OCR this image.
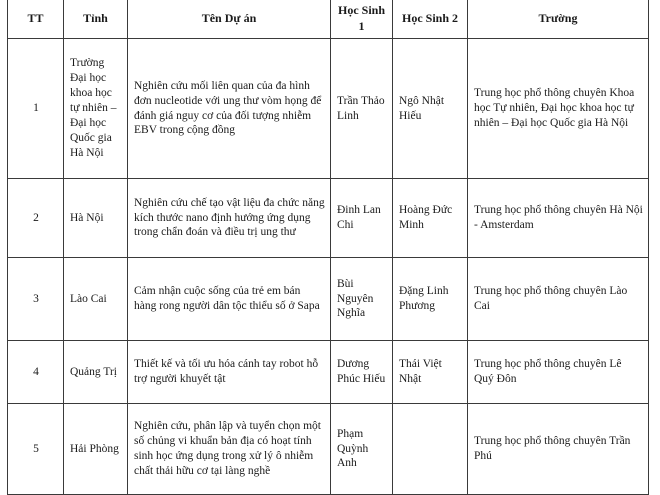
TT	Tỉnh	Tên Dự án	Học Sinh 1	Học Sinh 2	Trường
1	Trường Đại học khoa học tự nhiên – Đại học Quốc gia Hà Nội	Nghiên cứu mối liên quan của đa hình đơn nucleotide với ung thư vòm họng để đánh giá nguy cơ của đối tượng nhiễm EBV trong cộng đồng	Trần Thảo Linh	Ngô Nhật Hiếu	Trung học phổ thông chuyên Khoa học Tự nhiên, Đại học khoa học tự nhiên – Đại học Quốc gia Hà Nội
2	Hà Nội	Nghiên cứu chế tạo vật liệu đa chức năng kích thước nano định hướng ứng dụng trong chẩn đoán và điều trị ung thư	Đinh Lan Chi	Hoàng Đức Minh	Trung học phổ thông chuyên Hà Nội - Amsterdam
3	Lào Cai	Cảm nhận cuộc sống của trẻ em bán hàng rong người dân tộc thiểu số ở Sapa	Bùi Nguyên Nghĩa	Đặng Linh Phương	Trung học phổ thông chuyên Lào Cai
4	Quảng Trị	Thiết kế và tối ưu hóa cánh tay robot hỗ trợ người khuyết tật	Dương Phúc Hiếu	Thái Việt Nhật	Trung học phổ thông chuyên Lê Quý Đôn
5	Hải Phòng	Nghiên cứu, phân lập và tuyển chọn một số chủng vi khuẩn bản địa có hoạt tính sinh học ứng dụng trong xử lý ô nhiễm chất thải hữu cơ tại làng nghề	Phạm Quỳnh Anh		Trung học phổ thông chuyên Trần Phú
